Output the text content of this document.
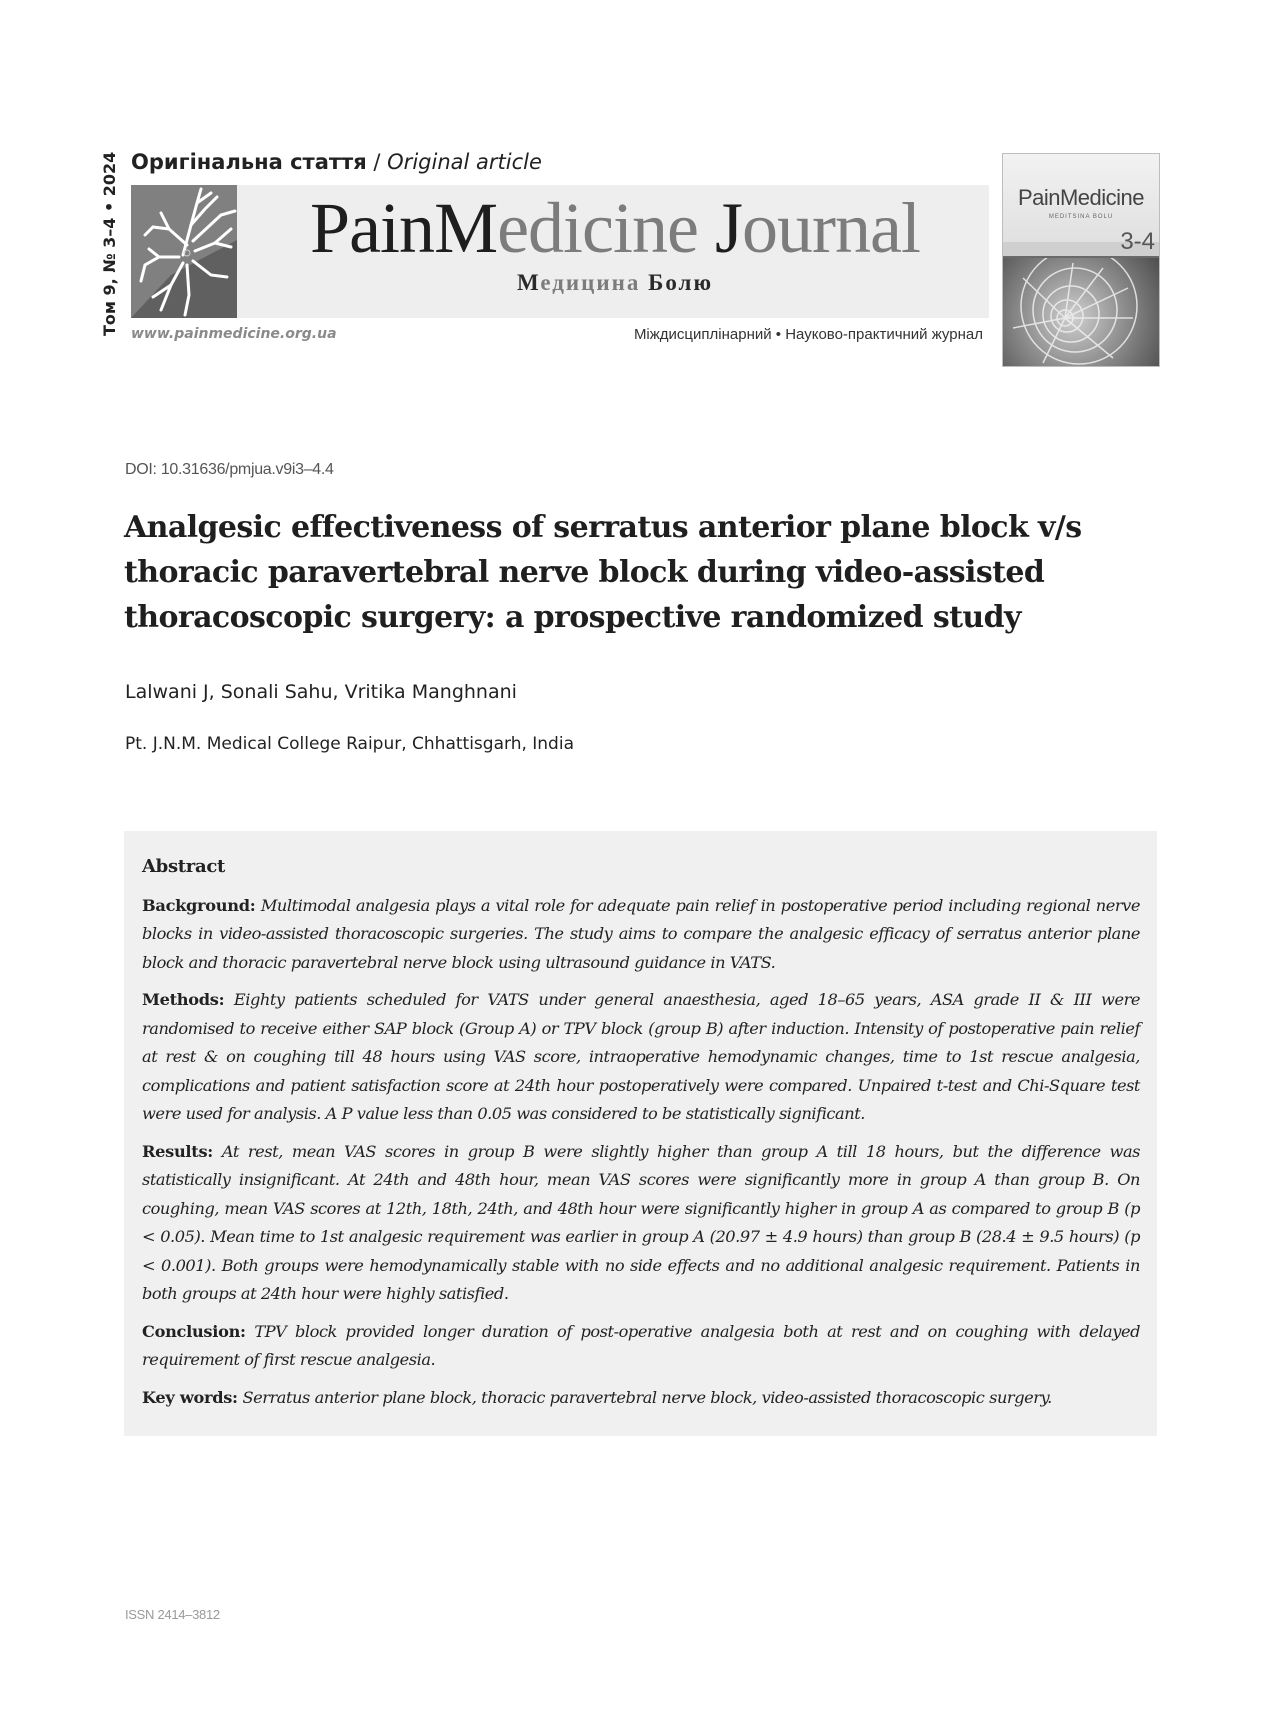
Оригінальна стаття / Original article
Том 9, № 3–4 • 2024	PainMedicine Journal
Медицина Болю
www.painmedicine.org.ua	Міждисциплінарний • Науково-практичний журнал
PainMedicine
MEDITSINA BOLU
3-4
DOI: 10.31636/pmjua.v9i3–4.4
Analgesic effectiveness of serratus anterior plane block v/s thoracic paravertebral nerve block during video-assisted thoracoscopic surgery: a prospective randomized study
Lalwani J, Sonali Sahu, Vritika Manghnani
Pt. J.N.M. Medical College Raipur, Chhattisgarh, India
Abstract

Background: Multimodal analgesia plays a vital role for adequate pain relief in postoperative period including regional nerve blocks in video-assisted thoracoscopic surgeries. The study aims to compare the analgesic efficacy of serratus anterior plane block and thoracic paravertebral nerve block using ultrasound guidance in VATS.

Methods: Eighty patients scheduled for VATS under general anaesthesia, aged 18–65 years, ASA grade II & III were randomised to receive either SAP block (Group A) or TPV block (group B) after induction. Intensity of postoperative pain relief at rest & on coughing till 48 hours using VAS score, intraoperative hemodynamic changes, time to 1st rescue analgesia, complications and patient satisfaction score at 24th hour postoperatively were compared. Unpaired t-test and Chi-Square test were used for analysis. A P value less than 0.05 was considered to be statistically significant.

Results: At rest, mean VAS scores in group B were slightly higher than group A till 18 hours, but the difference was statistically insignificant. At 24th and 48th hour, mean VAS scores were significantly more in group A than group B. On coughing, mean VAS scores at 12th, 18th, 24th, and 48th hour were significantly higher in group A as compared to group B (p < 0.05). Mean time to 1st analgesic requirement was earlier in group A (20.97 ± 4.9 hours) than group B (28.4 ± 9.5 hours) (p < 0.001). Both groups were hemodynamically stable with no side effects and no additional analgesic requirement. Patients in both groups at 24th hour were highly satisfied.

Conclusion: TPV block provided longer duration of post-operative analgesia both at rest and on coughing with delayed requirement of first rescue analgesia.

Key words: Serratus anterior plane block, thoracic paravertebral nerve block, video-assisted thoracoscopic surgery.

ISSN 2414–3812
